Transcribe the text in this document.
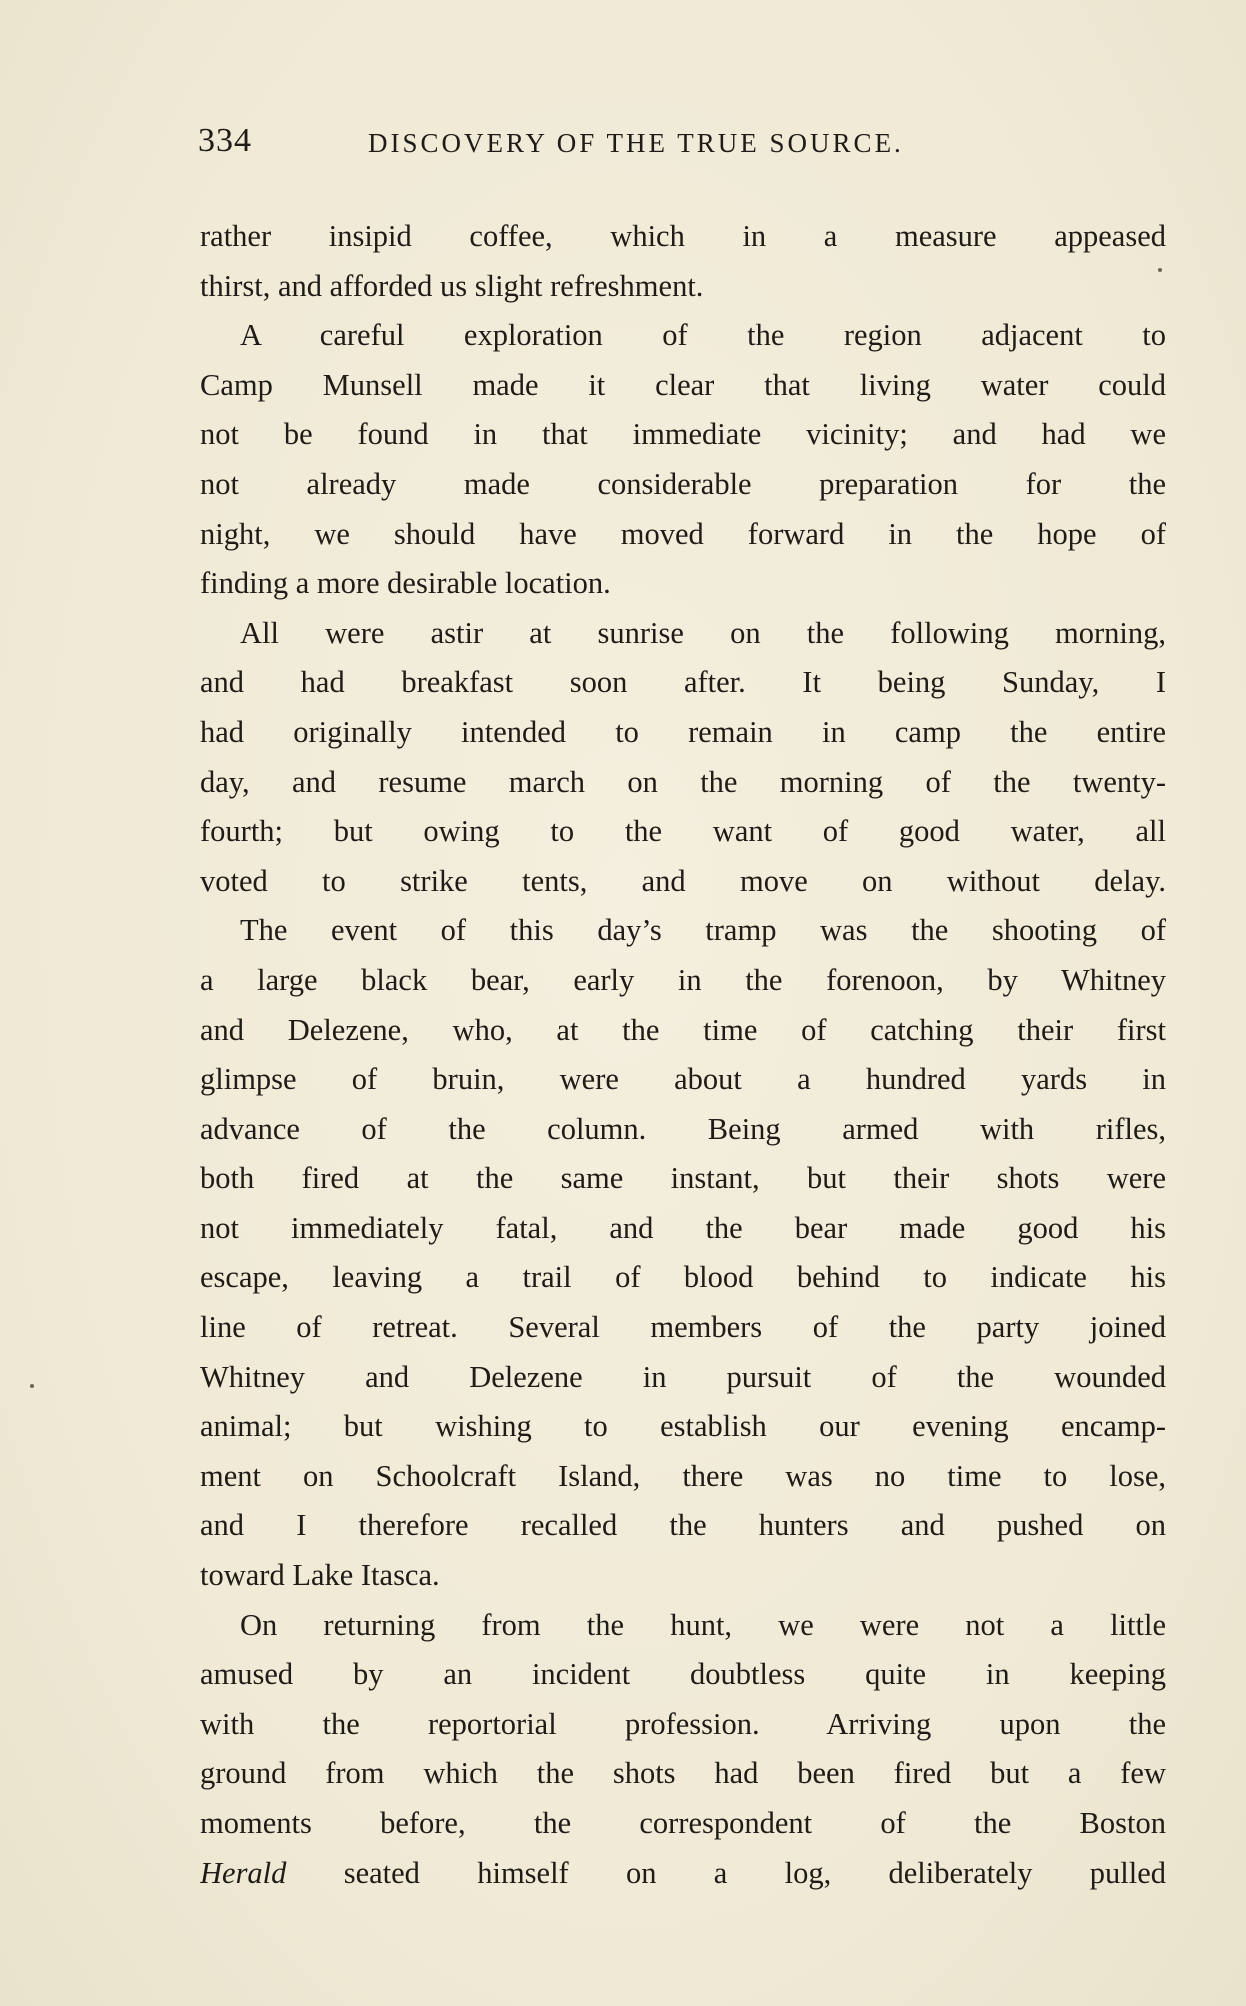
334	DISCOVERY OF THE TRUE SOURCE.
rather insipid coffee, which in a measure appeased
thirst, and afforded us slight refreshment.
A careful exploration of the region adjacent to
Camp Munsell made it clear that living water could
not be found in that immediate vicinity; and had we
not already made considerable preparation for the
night, we should have moved forward in the hope of
finding a more desirable location.
All were astir at sunrise on the following morning,
and had breakfast soon after. It being Sunday, I
had originally intended to remain in camp the entire
day, and resume march on the morning of the twenty-
fourth; but owing to the want of good water, all
voted to strike tents, and move on without delay.
The event of this day’s tramp was the shooting of
a large black bear, early in the forenoon, by Whitney
and Delezene, who, at the time of catching their first
glimpse of bruin, were about a hundred yards in
advance of the column. Being armed with rifles,
both fired at the same instant, but their shots were
not immediately fatal, and the bear made good his
escape, leaving a trail of blood behind to indicate his
line of retreat. Several members of the party joined
Whitney and Delezene in pursuit of the wounded
animal; but wishing to establish our evening encamp-
ment on Schoolcraft Island, there was no time to lose,
and I therefore recalled the hunters and pushed on
toward Lake Itasca.
On returning from the hunt, we were not a little
amused by an incident doubtless quite in keeping
with the reportorial profession. Arriving upon the
ground from which the shots had been fired but a few
moments before, the correspondent of the Boston
Herald seated himself on a log, deliberately pulled
